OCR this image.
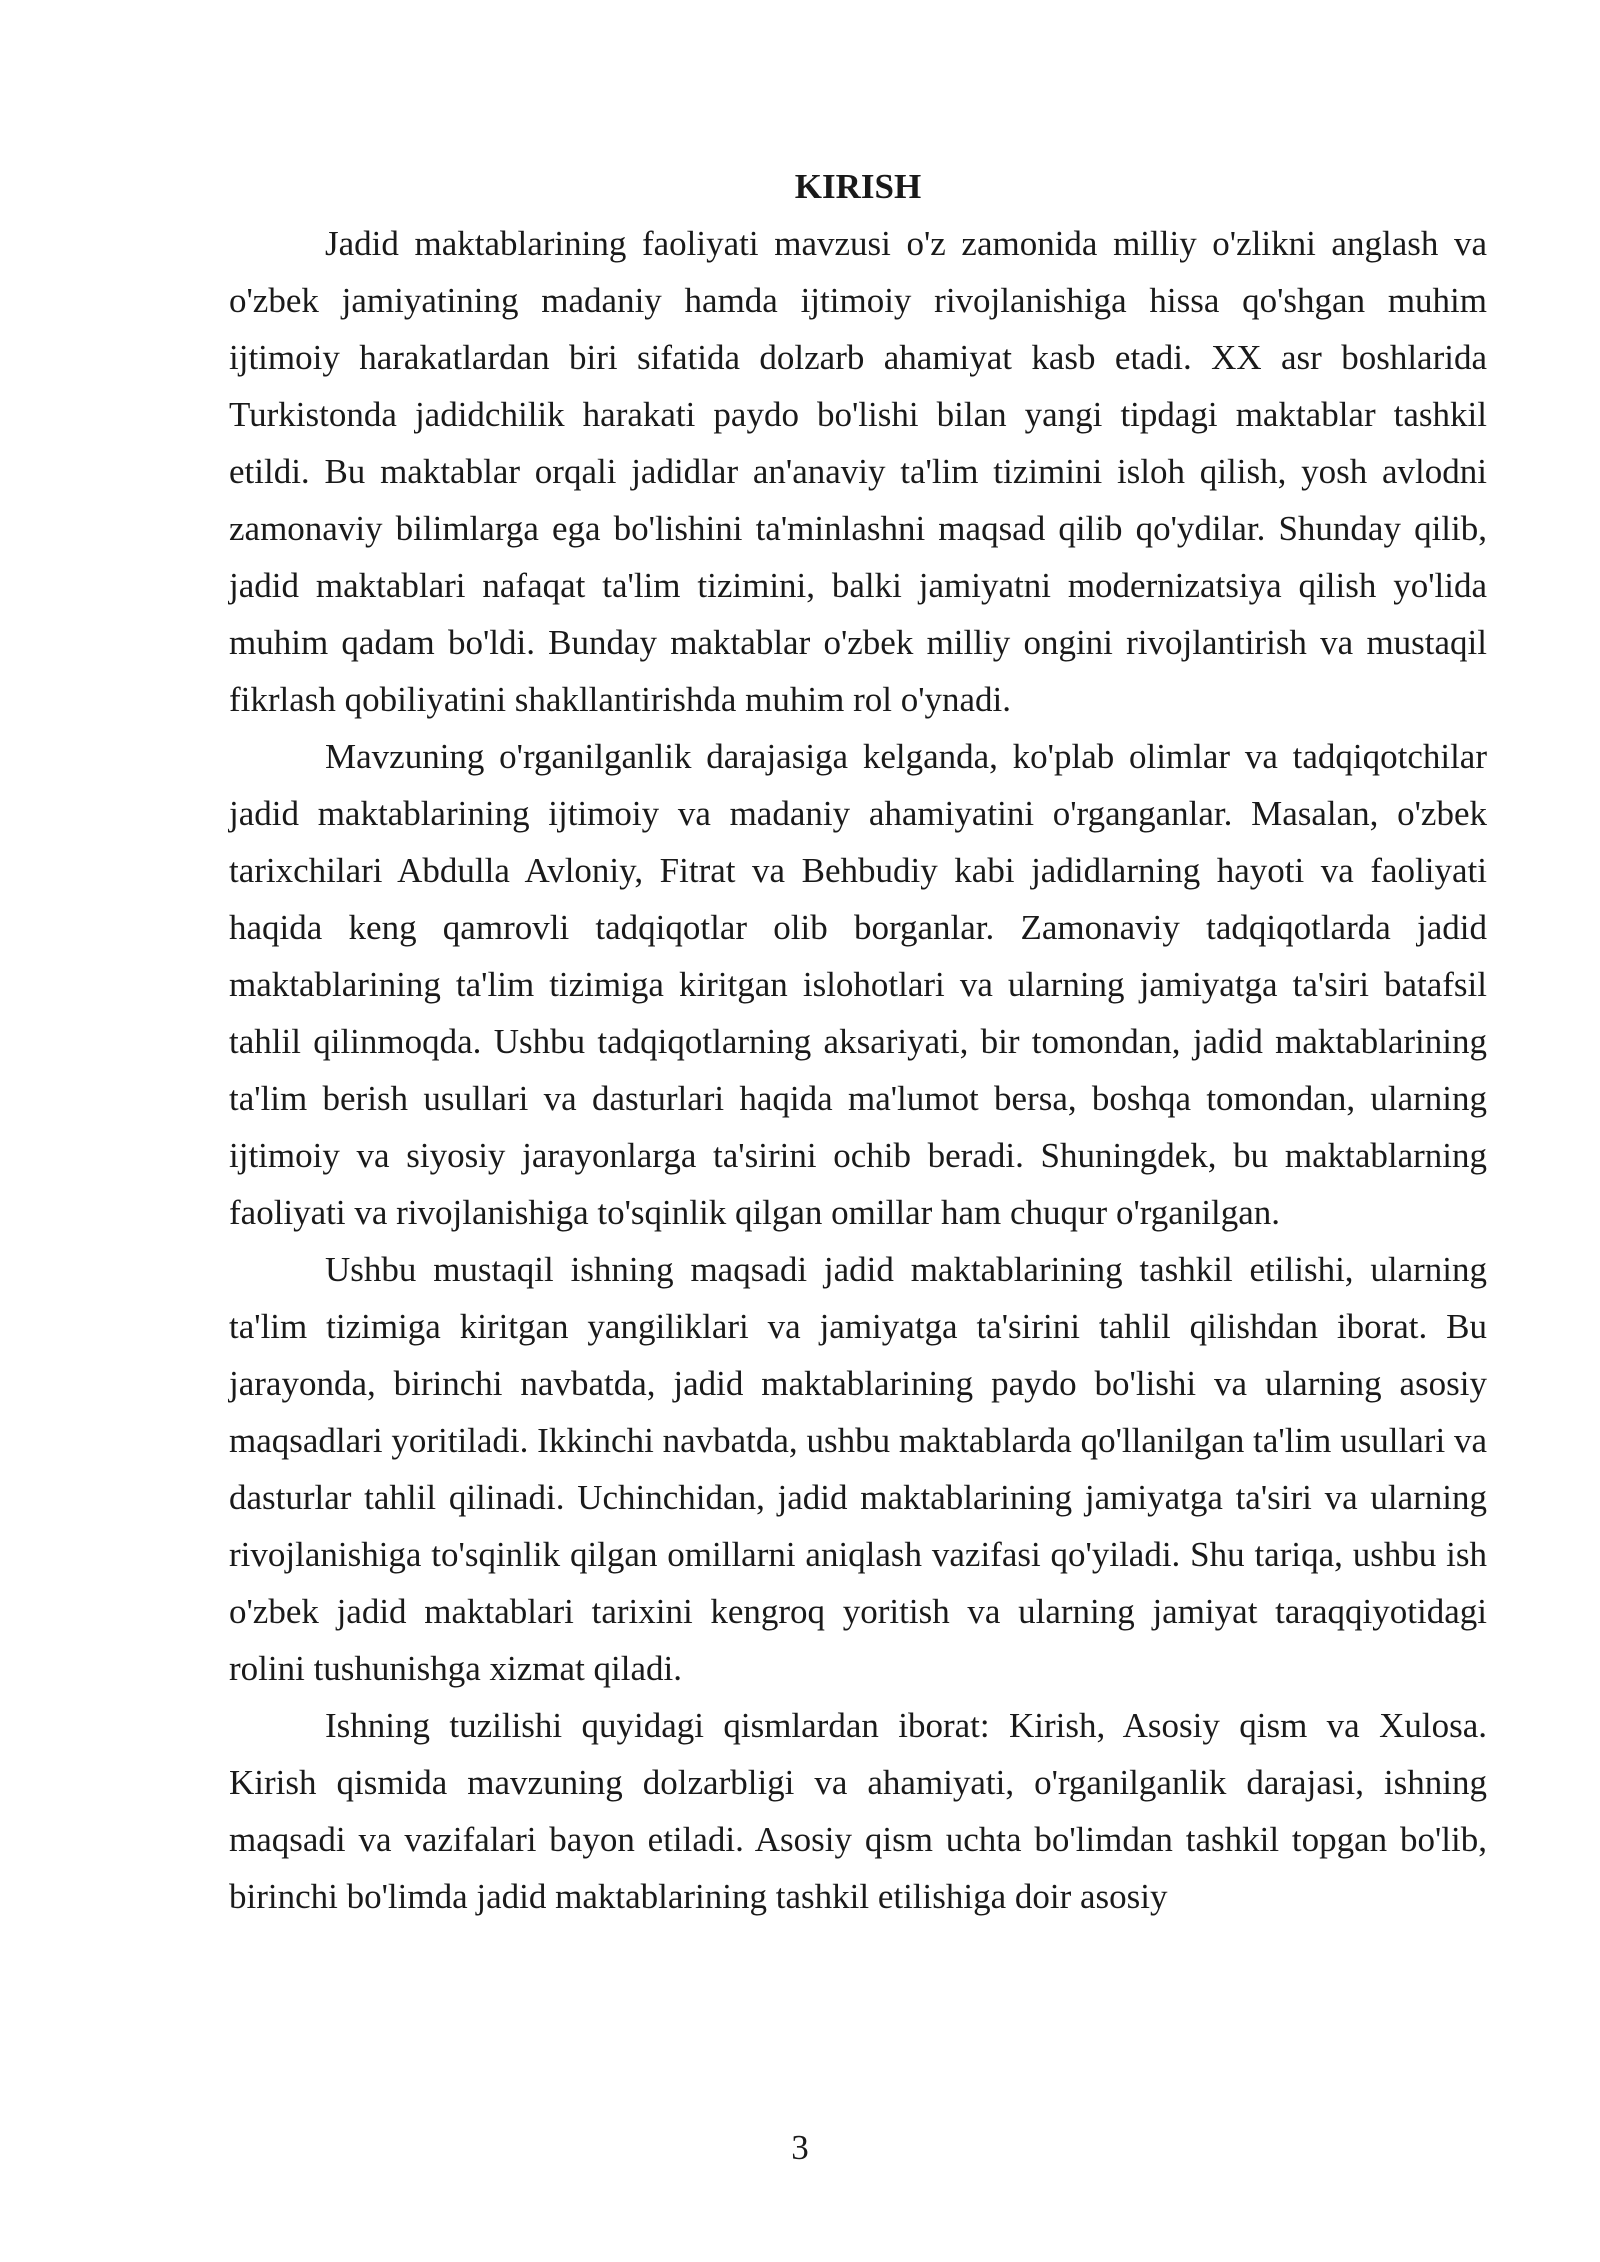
KIRISH

Jadid maktablarining faoliyati mavzusi o'z zamonida milliy o'zlikni anglash va o'zbek jamiyatining madaniy hamda ijtimoiy rivojlanishiga hissa qo'shgan muhim ijtimoiy harakatlardan biri sifatida dolzarb ahamiyat kasb etadi. XX asr boshlarida Turkistonda jadidchilik harakati paydo bo'lishi bilan yangi tipdagi maktablar tashkil etildi. Bu maktablar orqali jadidlar an'anaviy ta'lim tizimini isloh qilish, yosh avlodni zamonaviy bilimlarga ega bo'lishini ta'minlashni maqsad qilib qo'ydilar. Shunday qilib, jadid maktablari nafaqat ta'lim tizimini, balki jamiyatni modernizatsiya qilish yo'lida muhim qadam bo'ldi. Bunday maktablar o'zbek milliy ongini rivojlantirish va mustaqil fikrlash qobiliyatini shakllantirishda muhim rol o'ynadi.

Mavzuning o'rganilganlik darajasiga kelganda, ko'plab olimlar va tadqiqotchilar jadid maktablarining ijtimoiy va madaniy ahamiyatini o'rganganlar. Masalan, o'zbek tarixchilari Abdulla Avloniy, Fitrat va Behbudiy kabi jadidlarning hayoti va faoliyati haqida keng qamrovli tadqiqotlar olib borganlar. Zamonaviy tadqiqotlarda jadid maktablarining ta'lim tizimiga kiritgan islohotlari va ularning jamiyatga ta'siri batafsil tahlil qilinmoqda. Ushbu tadqiqotlarning aksariyati, bir tomondan, jadid maktablarining ta'lim berish usullari va dasturlari haqida ma'lumot bersa, boshqa tomondan, ularning ijtimoiy va siyosiy jarayonlarga ta'sirini ochib beradi. Shuningdek, bu maktablarning faoliyati va rivojlanishiga to'sqinlik qilgan omillar ham chuqur o'rganilgan.

Ushbu mustaqil ishning maqsadi jadid maktablarining tashkil etilishi, ularning ta'lim tizimiga kiritgan yangiliklari va jamiyatga ta'sirini tahlil qilishdan iborat. Bu jarayonda, birinchi navbatda, jadid maktablarining paydo bo'lishi va ularning asosiy maqsadlari yoritiladi. Ikkinchi navbatda, ushbu maktablarda qo'llanilgan ta'lim usullari va dasturlar tahlil qilinadi. Uchinchidan, jadid maktablarining jamiyatga ta'siri va ularning rivojlanishiga to'sqinlik qilgan omillarni aniqlash vazifasi qo'yiladi. Shu tariqa, ushbu ish o'zbek jadid maktablari tarixini kengroq yoritish va ularning jamiyat taraqqiyotidagi rolini tushunishga xizmat qiladi.

Ishning tuzilishi quyidagi qismlardan iborat: Kirish, Asosiy qism va Xulosa. Kirish qismida mavzuning dolzarbligi va ahamiyati, o'rganilganlik darajasi, ishning maqsadi va vazifalari bayon etiladi. Asosiy qism uchta bo'limdan tashkil topgan bo'lib, birinchi bo'limda jadid maktablarining tashkil etilishiga doir asosiy

3
